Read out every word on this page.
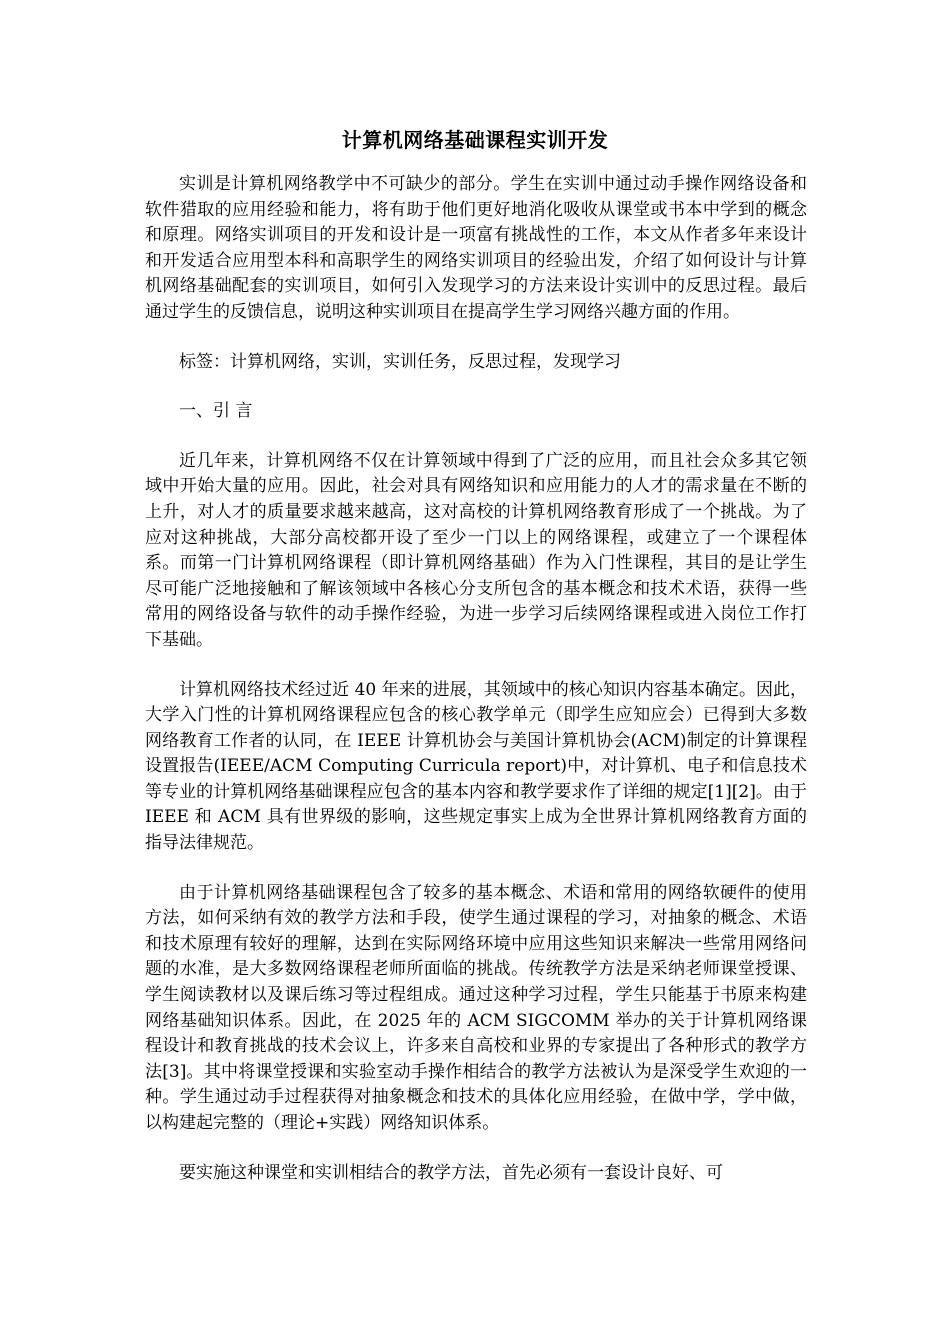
计算机网络基础课程实训开发

实训是计算机网络教学中不可缺少的部分。学生在实训中通过动手操作网络设备和软件猎取的应用经验和能力，将有助于他们更好地消化吸收从课堂或书本中学到的概念和原理。网络实训项目的开发和设计是一项富有挑战性的工作，本文从作者多年来设计和开发适合应用型本科和高职学生的网络实训项目的经验出发，介绍了如何设计与计算机网络基础配套的实训项目，如何引入发现学习的方法来设计实训中的反思过程。最后通过学生的反馈信息，说明这种实训项目在提高学生学习网络兴趣方面的作用。

标签：计算机网络，实训，实训任务，反思过程，发现学习

一、引 言

近几年来，计算机网络不仅在计算领域中得到了广泛的应用，而且社会众多其它领域中开始大量的应用。因此，社会对具有网络知识和应用能力的人才的需求量在不断的上升，对人才的质量要求越来越高，这对高校的计算机网络教育形成了一个挑战。为了应对这种挑战，大部分高校都开设了至少一门以上的网络课程，或建立了一个课程体系。而第一门计算机网络课程（即计算机网络基础）作为入门性课程，其目的是让学生尽可能广泛地接触和了解该领域中各核心分支所包含的基本概念和技术术语，获得一些常用的网络设备与软件的动手操作经验，为进一步学习后续网络课程或进入岗位工作打下基础。

计算机网络技术经过近 40 年来的进展，其领域中的核心知识内容基本确定。因此，大学入门性的计算机网络课程应包含的核心教学单元（即学生应知应会）已得到大多数网络教育工作者的认同，在 IEEE 计算机协会与美国计算机协会(ACM)制定的计算课程设置报告(IEEE/ACM Computing Curricula report)中，对计算机、电子和信息技术等专业的计算机网络基础课程应包含的基本内容和教学要求作了详细的规定[1][2]。由于 IEEE 和 ACM 具有世界级的影响，这些规定事实上成为全世界计算机网络教育方面的指导法律规范。

由于计算机网络基础课程包含了较多的基本概念、术语和常用的网络软硬件的使用方法，如何采纳有效的教学方法和手段，使学生通过课程的学习，对抽象的概念、术语和技术原理有较好的理解，达到在实际网络环境中应用这些知识来解决一些常用网络问题的水准，是大多数网络课程老师所面临的挑战。传统教学方法是采纳老师课堂授课、学生阅读教材以及课后练习等过程组成。通过这种学习过程，学生只能基于书原来构建网络基础知识体系。因此，在 2025 年的 ACM SIGCOMM 举办的关于计算机网络课程设计和教育挑战的技术会议上，许多来自高校和业界的专家提出了各种形式的教学方法[3]。其中将课堂授课和实验室动手操作相结合的教学方法被认为是深受学生欢迎的一种。学生通过动手过程获得对抽象概念和技术的具体化应用经验，在做中学，学中做，以构建起完整的（理论+实践）网络知识体系。

要实施这种课堂和实训相结合的教学方法，首先必须有一套设计良好、可
